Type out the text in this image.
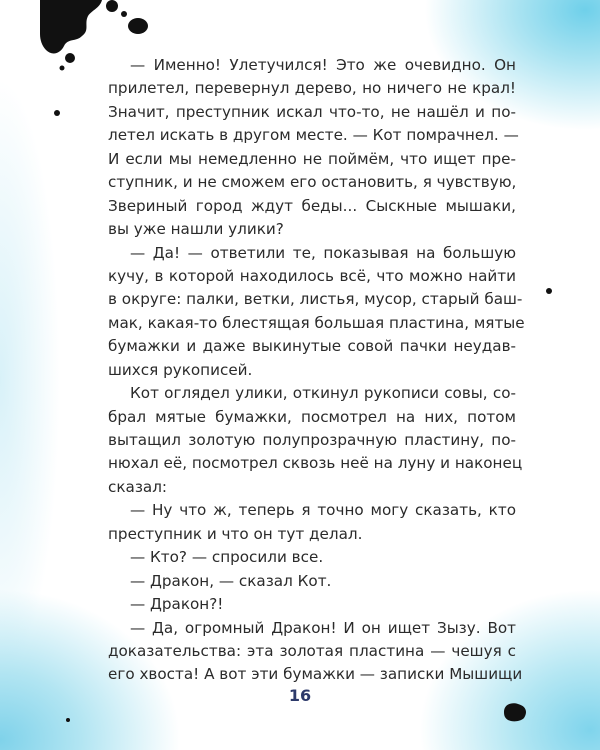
— Именно! Улетучился! Это же очевидно. Он
прилетел, перевернул дерево, но ничего не крал!
Значит, преступник искал что-то, не нашёл и по-
летел искать в другом месте. — Кот помрачнел. —
И если мы немедленно не поймём, что ищет пре-
ступник, и не сможем его остановить, я чувствую,
Звериный город ждут беды... Сыскные мышаки,
вы уже нашли улики?
— Да! — ответили те, показывая на большую
кучу, в которой находилось всё, что можно найти
в округе: палки, ветки, листья, мусор, старый баш-
мак, какая-то блестящая большая пластина, мятые
бумажки и даже выкинутые совой пачки неудав-
шихся рукописей.
Кот оглядел улики, откинул рукописи совы, со-
брал мятые бумажки, посмотрел на них, потом
вытащил золотую полупрозрачную пластину, по-
нюхал её, посмотрел сквозь неё на луну и наконец
сказал:
— Ну что ж, теперь я точно могу сказать, кто
преступник и что он тут делал.
— Кто? — спросили все.
— Дракон, — сказал Кот.
— Дракон?!
— Да, огромный Дракон! И он ищет Зызу. Вот
доказательства: эта золотая пластина — чешуя с
его хвоста! А вот эти бумажки — записки Мышищи
16
